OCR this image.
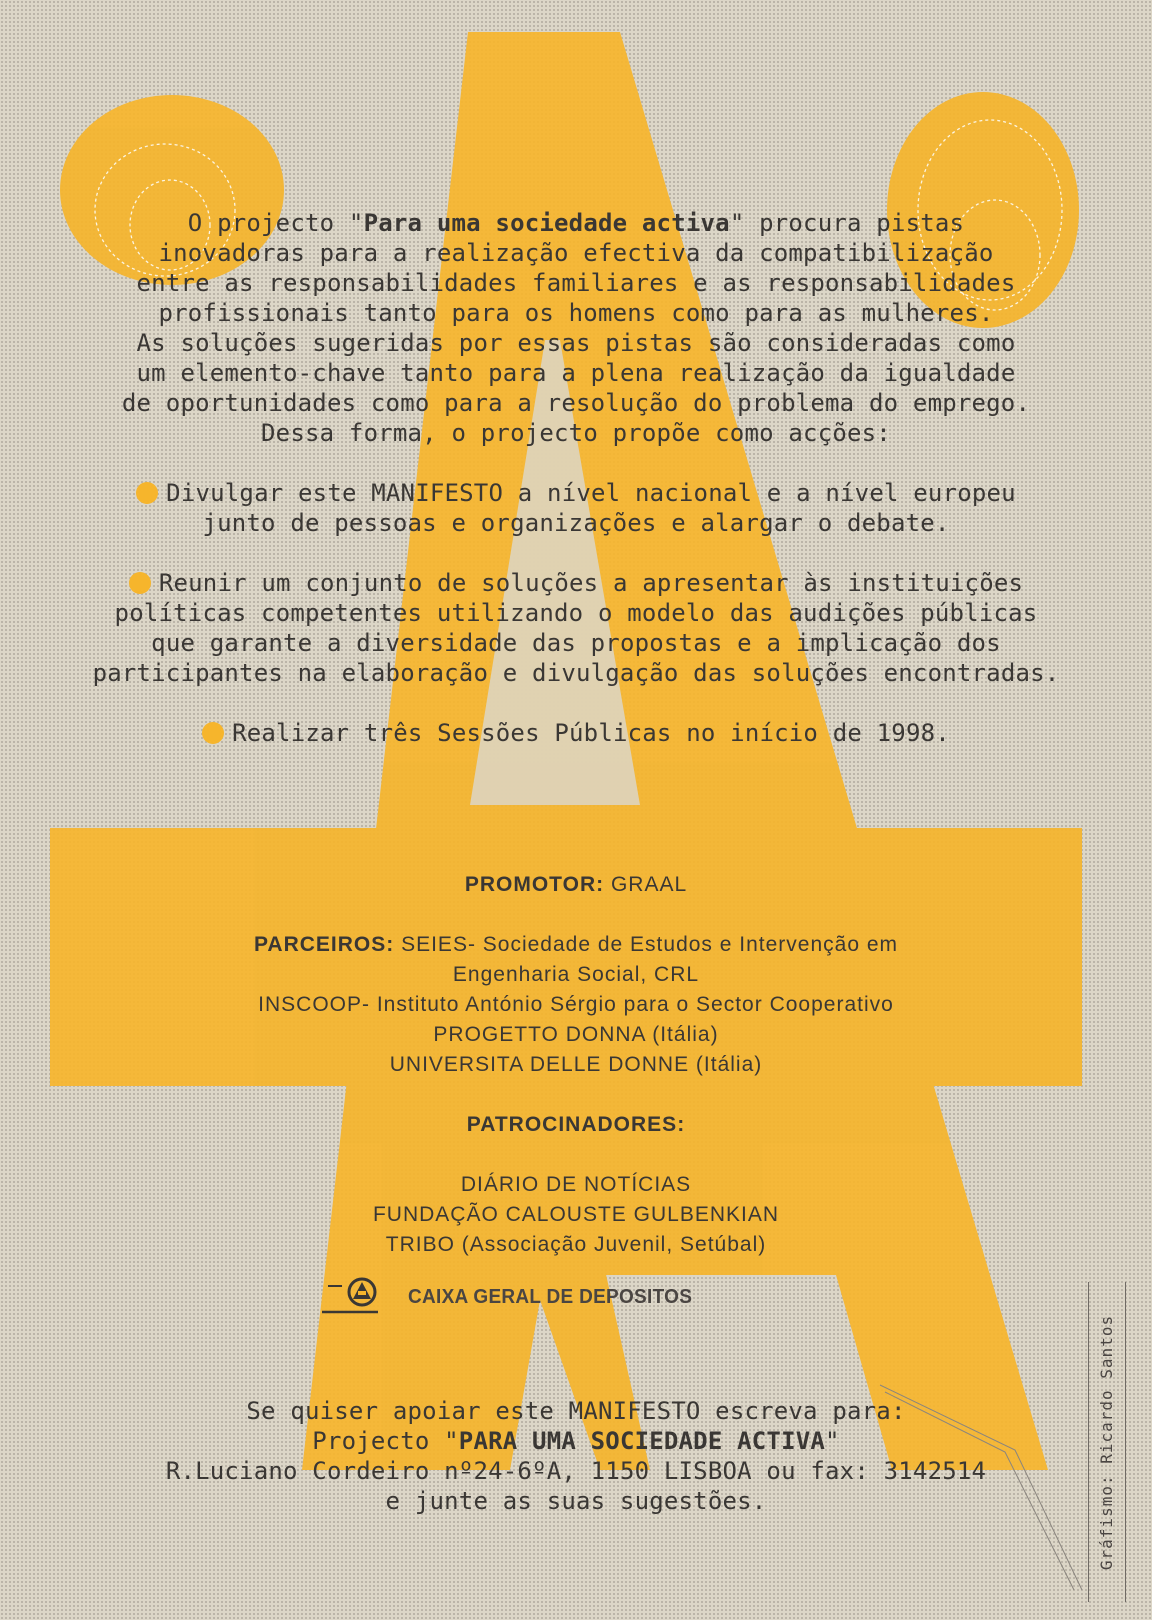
O projecto "Para uma sociedade activa" procura pistas
inovadoras para a realização efectiva da compatibilização
entre as responsabilidades familiares e as responsabilidades
profissionais tanto para os homens como para as mulheres.
As soluções sugeridas por essas pistas são consideradas como
um elemento-chave tanto para a plena realização da igualdade
de oportunidades como para a resolução do problema do emprego.
Dessa forma, o projecto propõe como acções:
Divulgar este MANIFESTO a nível nacional e a nível europeu
junto de pessoas e organizações e alargar o debate.
Reunir um conjunto de soluções a apresentar às instituições
políticas competentes utilizando o modelo das audições públicas
que garante a diversidade das propostas e a implicação dos
participantes na elaboração e divulgação das soluções encontradas.
Realizar três Sessões Públicas no início de 1998.
PROMOTOR: GRAAL
PARCEIROS: SEIES- Sociedade de Estudos e Intervenção em
Engenharia Social, CRL
INSCOOP- Instituto António Sérgio para o Sector Cooperativo
PROGETTO DONNA (Itália)
UNIVERSITA DELLE DONNE (Itália)
PATROCINADORES:
DIÁRIO DE NOTÍCIAS
FUNDAÇÃO CALOUSTE GULBENKIAN
TRIBO (Associação Juvenil, Setúbal)
CAIXA GERAL DE DEPOSITOS
Se quiser apoiar este MANIFESTO escreva para:
Projecto "PARA UMA SOCIEDADE ACTIVA"
R.Luciano Cordeiro nº24-6ºA, 1150 LISBOA ou fax: 3142514
e junte as suas sugestões.	Gráfismo: Ricardo Santos
